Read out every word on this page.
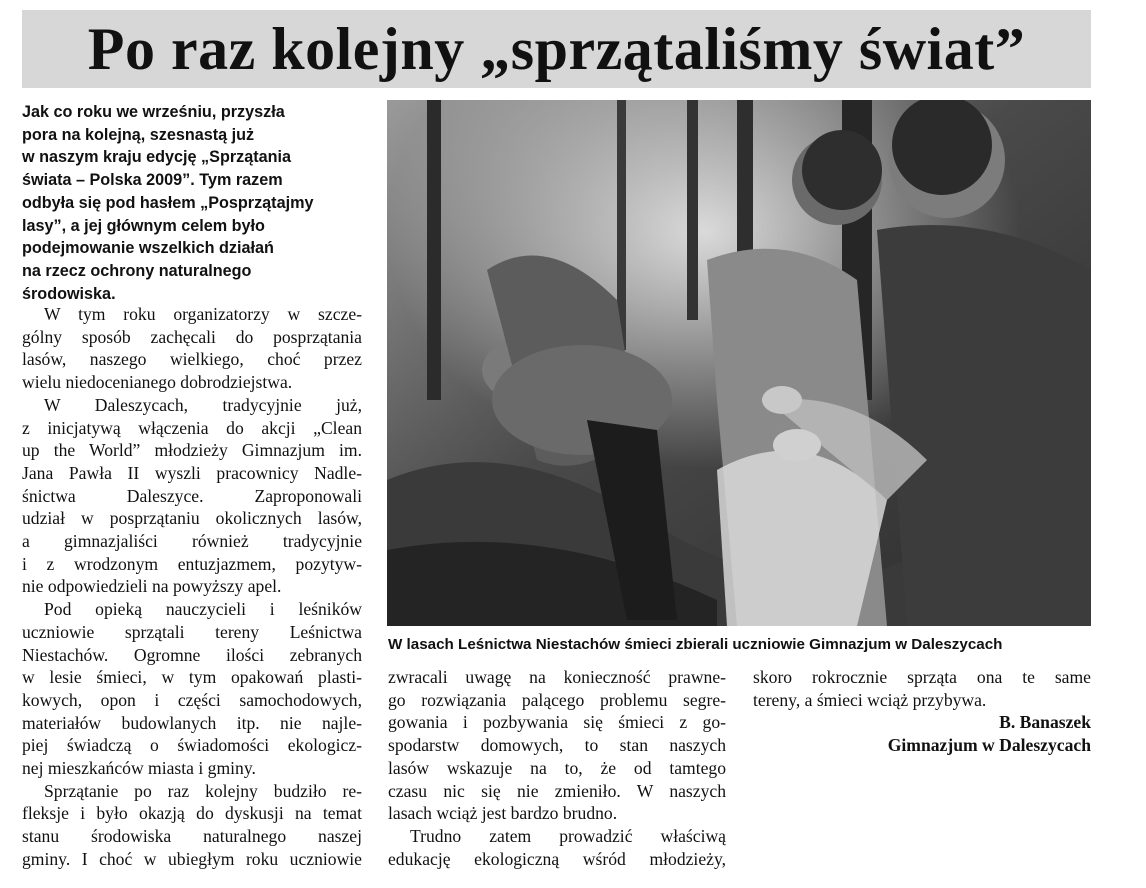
Po raz kolejny „sprzątaliśmy świat”
Jak co roku we wrześniu, przyszła
pora na kolejną, szesnastą już
w naszym kraju edycję „Sprzątania
świata – Polska 2009”. Tym razem
odbyła się pod hasłem „Posprzątajmy
lasy”, a jej głównym celem było
podejmowanie wszelkich działań
na rzecz ochrony naturalnego
środowiska.
W tym roku organizatorzy w szcze-
gólny sposób zachęcali do posprzątania
lasów, naszego wielkiego, choć przez
wielu niedocenianego dobrodziejstwa.
W Daleszycach, tradycyjnie już,
z inicjatywą włączenia do akcji „Clean
up the World” młodzieży Gimnazjum im.
Jana Pawła II wyszli pracownicy Nadle-
śnictwa Daleszyce. Zaproponowali
udział w posprzątaniu okolicznych lasów,
a gimnazjaliści również tradycyjnie
i z wrodzonym entuzjazmem, pozytyw-
nie odpowiedzieli na powyższy apel.
Pod opieką nauczycieli i leśników
uczniowie sprzątali tereny Leśnictwa
Niestachów. Ogromne ilości zebranych
w lesie śmieci, w tym opakowań plasti-
kowych, opon i części samochodowych,
materiałów budowlanych itp. nie najle-
piej świadczą o świadomości ekologicz-
nej mieszkańców miasta i gminy.
Sprzątanie po raz kolejny budziło re-
fleksje i było okazją do dyskusji na temat
stanu środowiska naturalnego naszej
gminy. I choć w ubiegłym roku uczniowie
W lasach Leśnictwa Niestachów śmieci zbierali uczniowie Gimnazjum w Daleszycach
zwracali uwagę na konieczność prawne-
go rozwiązania palącego problemu segre-
gowania i pozbywania się śmieci z go-
spodarstw domowych, to stan naszych
lasów wskazuje na to, że od tamtego
czasu nic się nie zmieniło. W naszych
lasach wciąż jest bardzo brudno.
Trudno zatem prowadzić właściwą
edukację ekologiczną wśród młodzieży,
skoro rokrocznie sprząta ona te same
tereny, a śmieci wciąż przybywa.
B. Banaszek
Gimnazjum w Daleszycach
